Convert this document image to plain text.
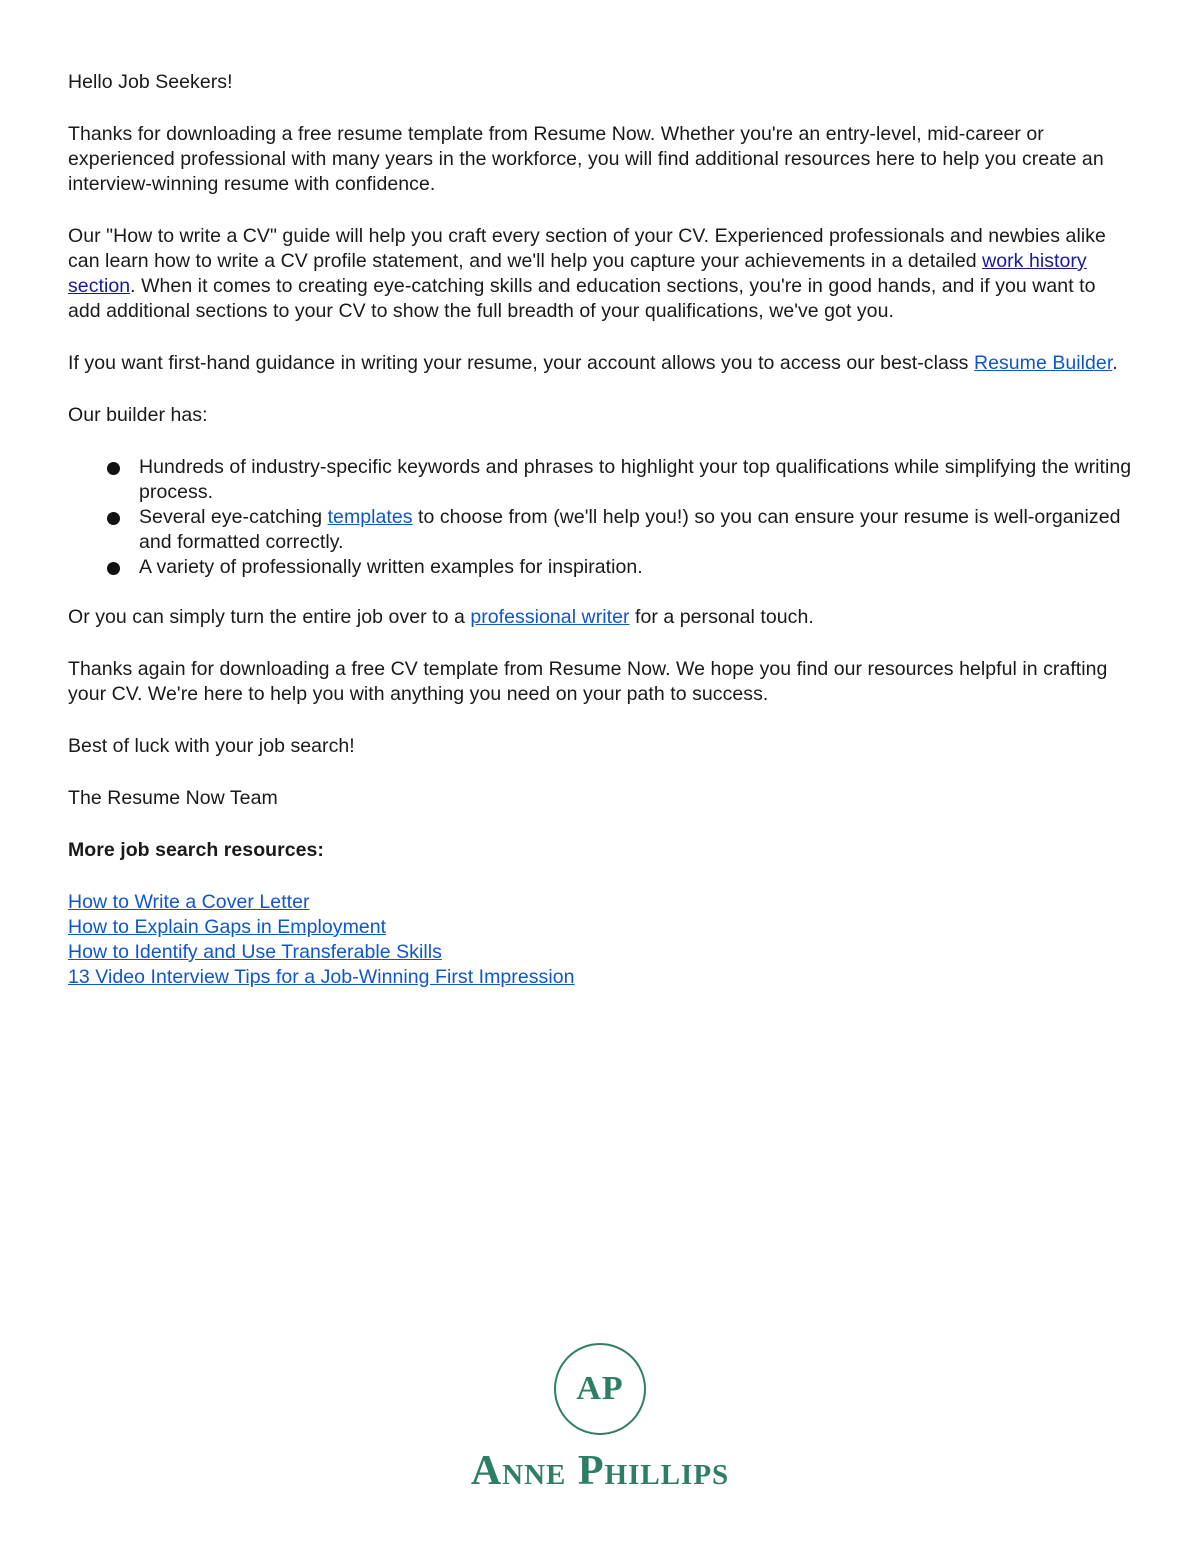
Hello Job Seekers!

Thanks for downloading a free resume template from Resume Now. Whether you're an entry-level, mid-career or experienced professional with many years in the workforce, you will find additional resources here to help you create an interview-winning resume with confidence.

Our "How to write a CV" guide will help you craft every section of your CV. Experienced professionals and newbies alike can learn how to write a CV profile statement, and we'll help you capture your achievements in a detailed work history section. When it comes to creating eye-catching skills and education sections, you're in good hands, and if you want to add additional sections to your CV to show the full breadth of your qualifications, we've got you.

If you want first-hand guidance in writing your resume, your account allows you to access our best-class Resume Builder.

Our builder has:

Hundreds of industry-specific keywords and phrases to highlight your top qualifications while simplifying the writing process.
Several eye-catching templates to choose from (we'll help you!) so you can ensure your resume is well-organized and formatted correctly.
A variety of professionally written examples for inspiration.

Or you can simply turn the entire job over to a professional writer for a personal touch.

Thanks again for downloading a free CV template from Resume Now. We hope you find our resources helpful in crafting your CV. We're here to help you with anything you need on your path to success.

Best of luck with your job search!

The Resume Now Team

More job search resources:

How to Write a Cover Letter
How to Explain Gaps in Employment
How to Identify and Use Transferable Skills
13 Video Interview Tips for a Job-Winning First Impression
AP
Anne Phillips
